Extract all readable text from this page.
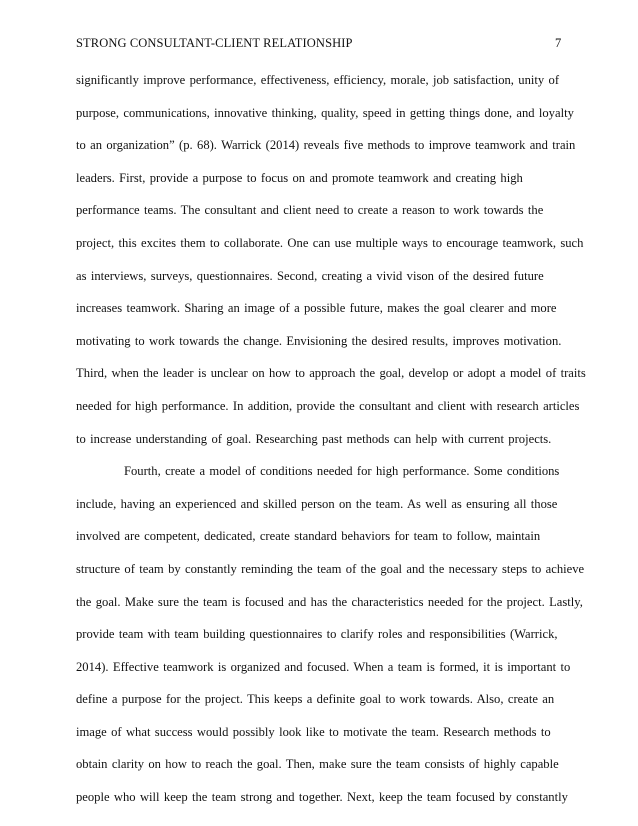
STRONG CONSULTANT-CLIENT RELATIONSHIP	7
significantly improve performance, effectiveness, efficiency, morale, job satisfaction, unity of
purpose, communications, innovative thinking, quality, speed in getting things done, and loyalty
to an organization” (p. 68). Warrick (2014) reveals five methods to improve teamwork and train
leaders. First, provide a purpose to focus on and promote teamwork and creating high
performance teams. The consultant and client need to create a reason to work towards the
project, this excites them to collaborate. One can use multiple ways to encourage teamwork, such
as interviews, surveys, questionnaires. Second, creating a vivid vison of the desired future
increases teamwork. Sharing an image of a possible future, makes the goal clearer and more
motivating to work towards the change. Envisioning the desired results, improves motivation.
Third, when the leader is unclear on how to approach the goal, develop or adopt a model of traits
needed for high performance. In addition, provide the consultant and client with research articles
to increase understanding of goal. Researching past methods can help with current projects.
Fourth, create a model of conditions needed for high performance. Some conditions
include, having an experienced and skilled person on the team. As well as ensuring all those
involved are competent, dedicated, create standard behaviors for team to follow, maintain
structure of team by constantly reminding the team of the goal and the necessary steps to achieve
the goal. Make sure the team is focused and has the characteristics needed for the project. Lastly,
provide team with team building questionnaires to clarify roles and responsibilities (Warrick,
2014). Effective teamwork is organized and focused. When a team is formed, it is important to
define a purpose for the project. This keeps a definite goal to work towards. Also, create an
image of what success would possibly look like to motivate the team. Research methods to
obtain clarity on how to reach the goal. Then, make sure the team consists of highly capable
people who will keep the team strong and together. Next, keep the team focused by constantly
